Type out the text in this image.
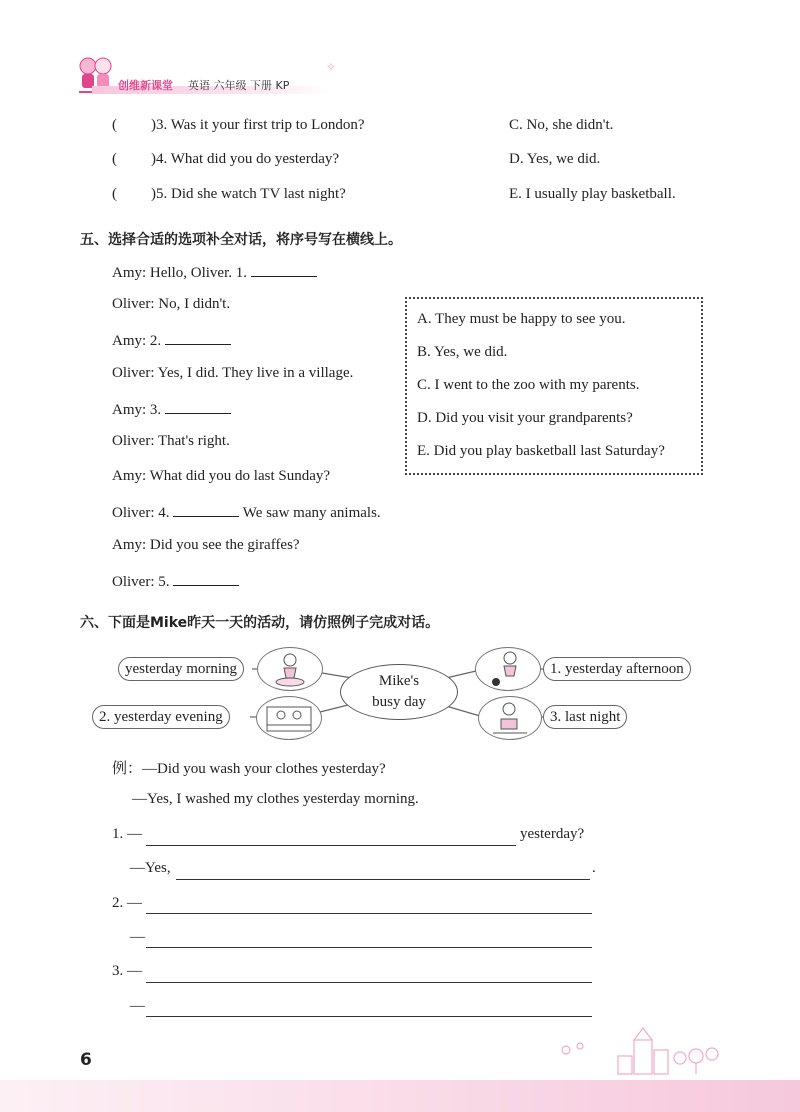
创维新课堂 英语 六年级 下册 KP
✧
( )3. Was it your first trip to London?	C. No, she didn't.
( )4. What did you do yesterday?	D. Yes, we did.
( )5. Did she watch TV last night?	E. I usually play basketball.
五、选择合适的选项补全对话，将序号写在横线上。
Amy: Hello, Oliver. 1.
Oliver: No, I didn't.
Amy: 2.
Oliver: Yes, I did. They live in a village.
Amy: 3.
Oliver: That's right.
Amy: What did you do last Sunday?
Oliver: 4.	We saw many animals.
Amy: Did you see the giraffes?
Oliver: 5.
A. They must be happy to see you.
B. Yes, we did.
C. I went to the zoo with my parents.
D. Did you visit your grandparents?
E. Did you play basketball last Saturday?
六、下面是Mike昨天一天的活动，请仿照例子完成对话。
yesterday morning
2. yesterday evening
1. yesterday afternoon
3. last night
Mike's
busy day
例：—Did you wash your clothes yesterday?
—Yes, I washed my clothes yesterday morning.
1. —	yesterday?
—Yes,	.
2. —
—
3. —
—
6
